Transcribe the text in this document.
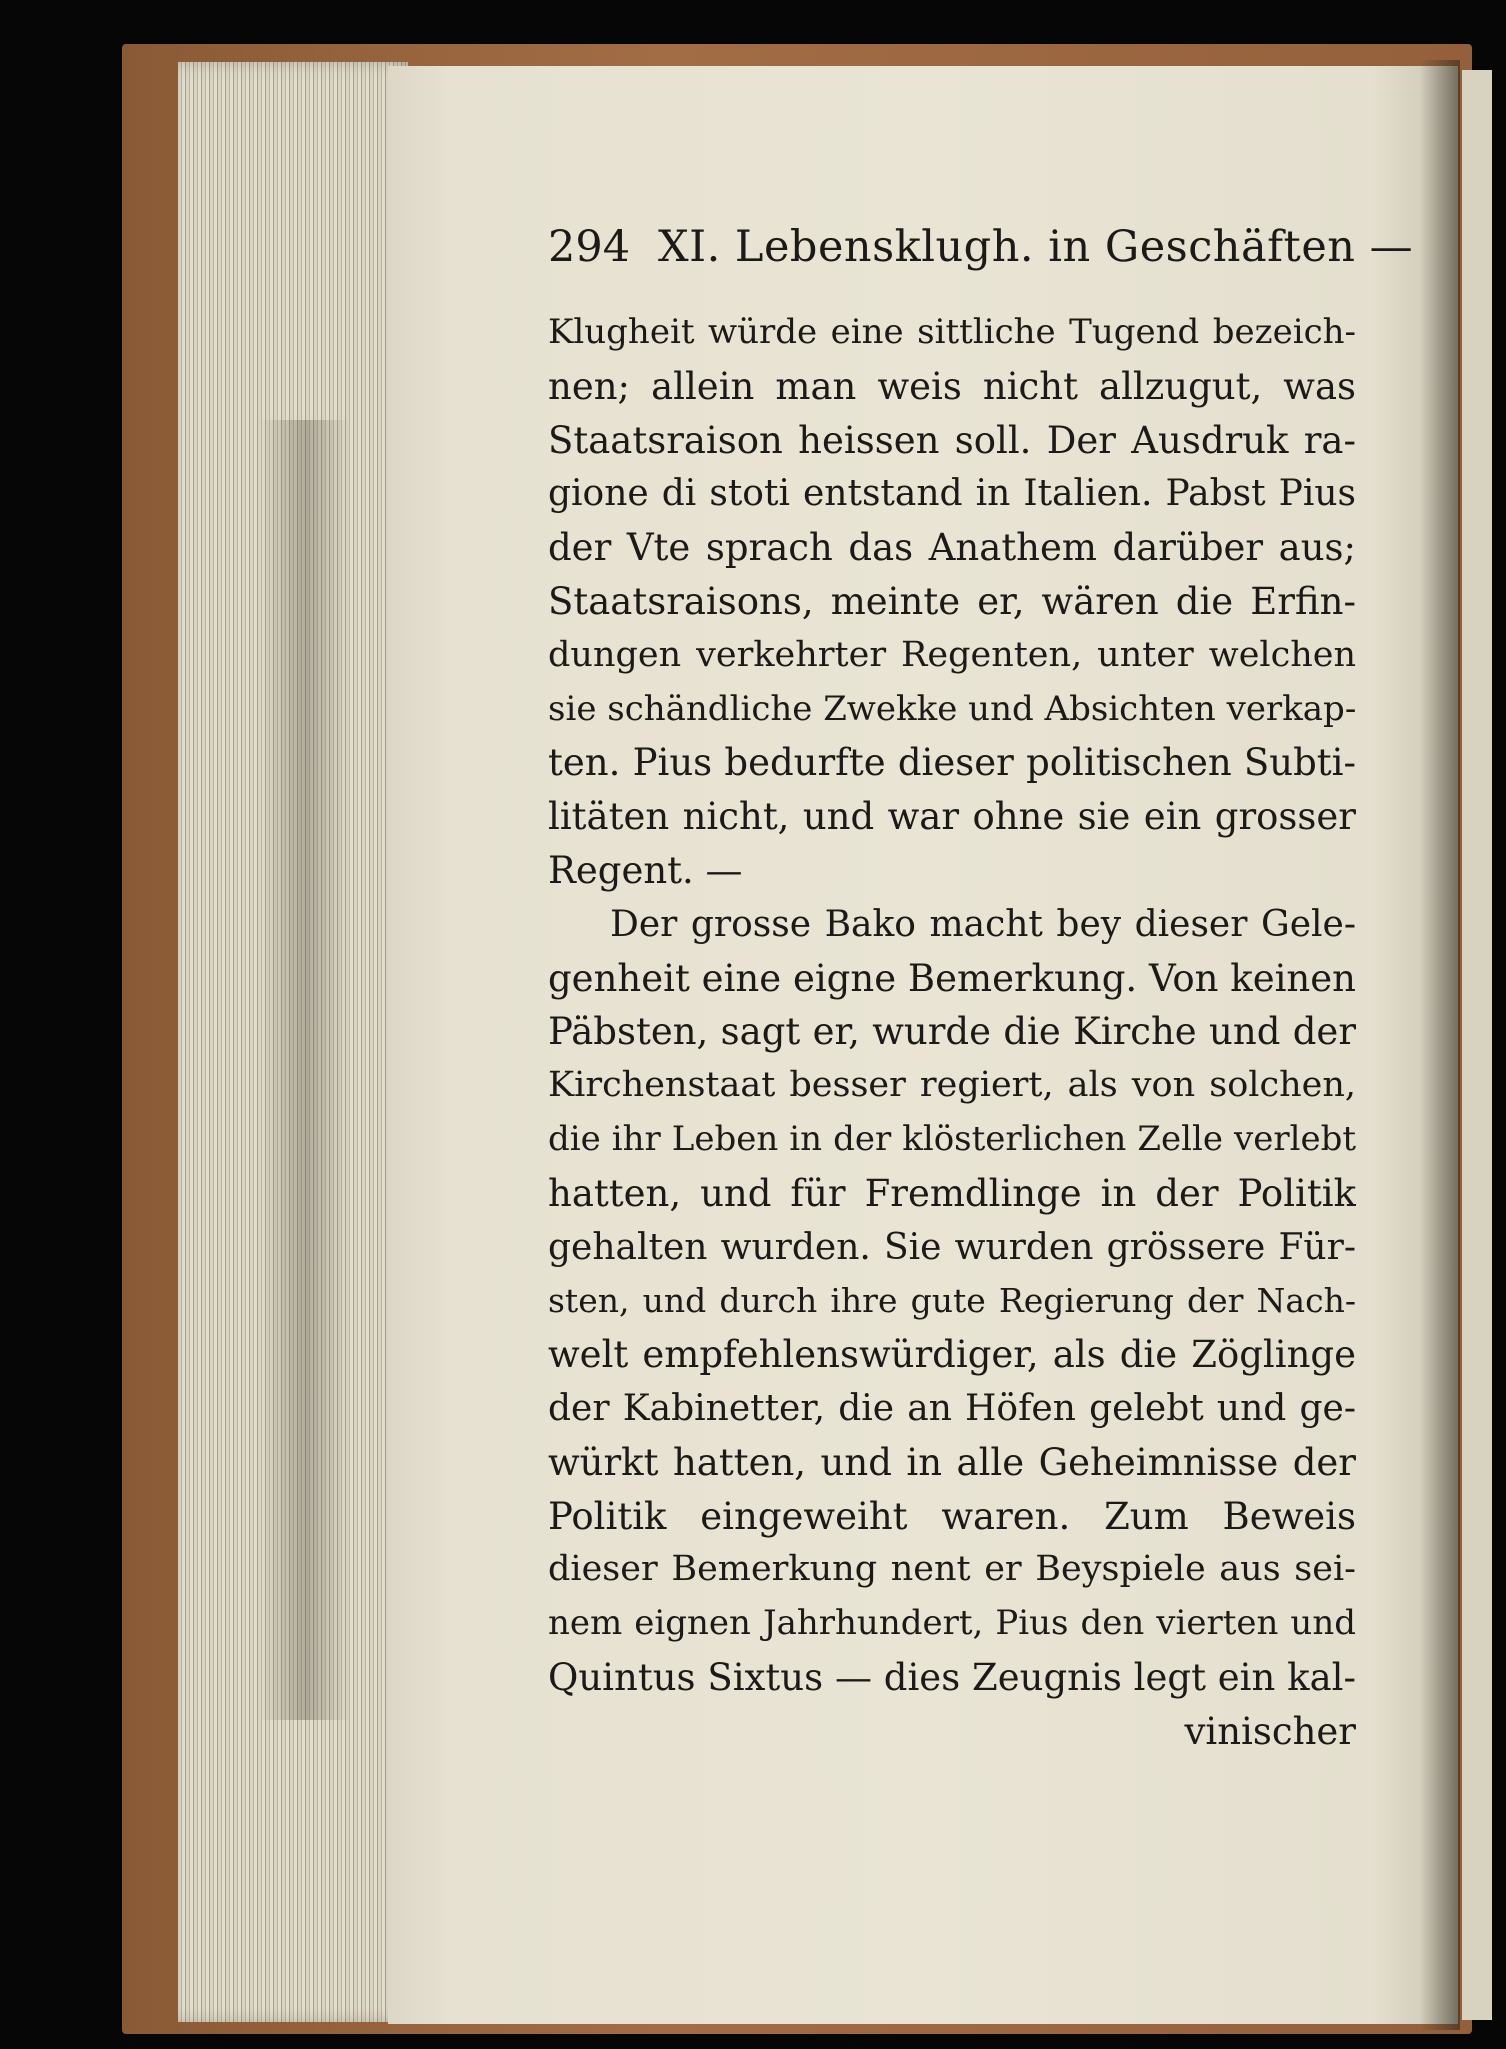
294 XI. Lebensklugh. in Geschäften —
Klugheit würde eine sittliche Tugend bezeich-
nen; allein man weis nicht allzugut, was
Staatsraison heissen soll. Der Ausdruk ra-
gione di stoti entstand in Italien. Pabst Pius
der Vte sprach das Anathem darüber aus;
Staatsraisons, meinte er, wären die Erfin-
dungen verkehrter Regenten, unter welchen
sie schändliche Zwekke und Absichten verkap-
ten. Pius bedurfte dieser politischen Subti-
litäten nicht, und war ohne sie ein grosser
Regent. —
Der grosse Bako macht bey dieser Gele-
genheit eine eigne Bemerkung. Von keinen
Päbsten, sagt er, wurde die Kirche und der
Kirchenstaat besser regiert, als von solchen,
die ihr Leben in der klösterlichen Zelle verlebt
hatten, und für Fremdlinge in der Politik
gehalten wurden. Sie wurden grössere Für-
sten, und durch ihre gute Regierung der Nach-
welt empfehlenswürdiger, als die Zöglinge
der Kabinetter, die an Höfen gelebt und ge-
würkt hatten, und in alle Geheimnisse der
Politik eingeweiht waren. Zum Beweis
dieser Bemerkung nent er Beyspiele aus sei-
nem eignen Jahrhundert, Pius den vierten und
Quintus Sixtus — dies Zeugnis legt ein kal-
vinischer
